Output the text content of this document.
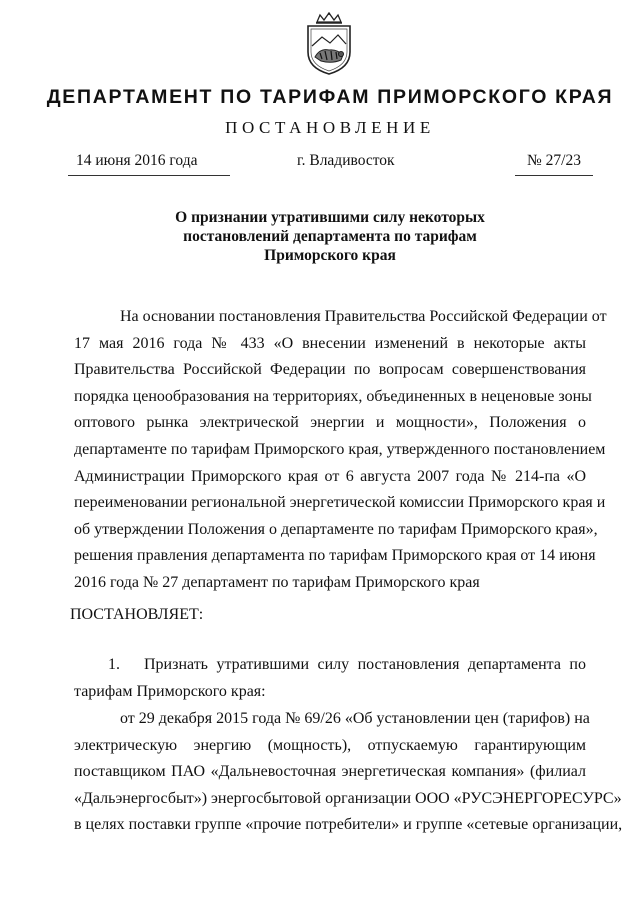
ДЕПАРТАМЕНТ ПО ТАРИФАМ ПРИМОРСКОГО КРАЯ
ПОСТАНОВЛЕНИЕ
14 июня 2016 года	г. Владивосток	№ 27/23
О признании утратившими силу некоторых
постановлений департамента по тарифам
Приморского края
На основании постановления Правительства Российской Федерации от
17 мая 2016 года № 433 «О внесении изменений в некоторые акты
Правительства Российской Федерации по вопросам совершенствования
порядка ценообразования на территориях, объединенных в неценовые зоны
оптового рынка электрической энергии и мощности», Положения о
департаменте по тарифам Приморского края, утвержденного постановлением
Администрации Приморского края от 6 августа 2007 года № 214-па «О
переименовании региональной энергетической комиссии Приморского края и
об утверждении Положения о департаменте по тарифам Приморского края»,
решения правления департамента по тарифам Приморского края от 14 июня
2016 года № 27 департамент по тарифам Приморского края
ПОСТАНОВЛЯЕТ:
1. Признать утратившими силу постановления департамента по
тарифам Приморского края:
от 29 декабря 2015 года № 69/26 «Об установлении цен (тарифов) на
электрическую энергию (мощность), отпускаемую гарантирующим
поставщиком ПАО «Дальневосточная энергетическая компания» (филиал
«Дальэнергосбыт») энергосбытовой организации ООО «РУСЭНЕРГОРЕСУРС»
в целях поставки группе «прочие потребители» и группе «сетевые организации,
